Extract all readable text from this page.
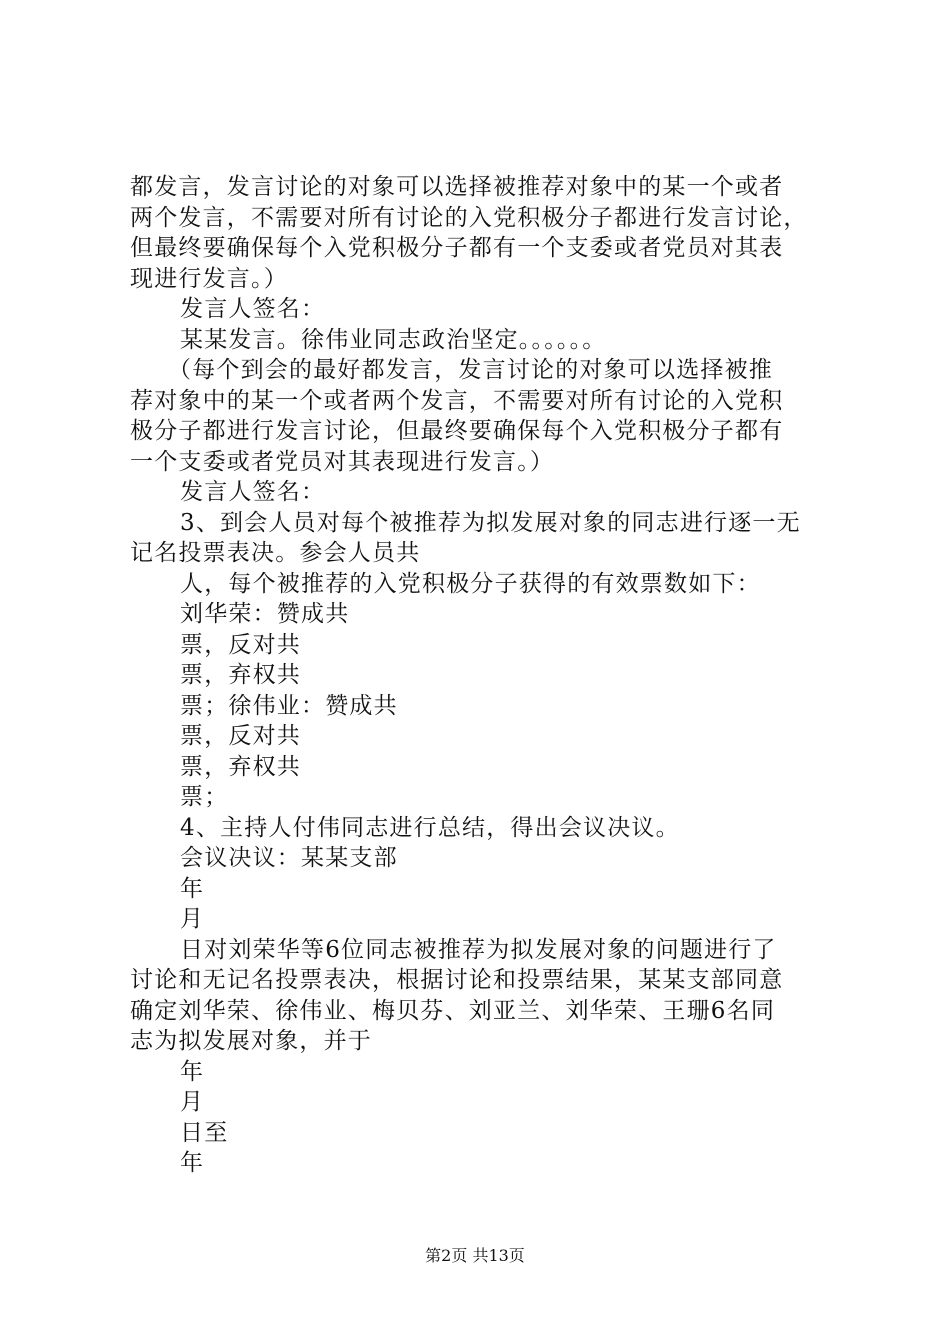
都发言，发言讨论的对象可以选择被推荐对象中的某一个或者
两个发言，不需要对所有讨论的入党积极分子都进行发言讨论，
但最终要确保每个入党积极分子都有一个支委或者党员对其表
现进行发言。）
发言人签名：
某某发言。徐伟业同志政治坚定。。。。。。
（每个到会的最好都发言，发言讨论的对象可以选择被推
荐对象中的某一个或者两个发言，不需要对所有讨论的入党积
极分子都进行发言讨论，但最终要确保每个入党积极分子都有
一个支委或者党员对其表现进行发言。）
发言人签名：
3、到会人员对每个被推荐为拟发展对象的同志进行逐一无
记名投票表决。参会人员共
人，每个被推荐的入党积极分子获得的有效票数如下：
刘华荣：赞成共
票，反对共
票，弃权共
票；徐伟业：赞成共
票，反对共
票，弃权共
票；
4、主持人付伟同志进行总结，得出会议决议。
会议决议：某某支部
年
月
日对刘荣华等6位同志被推荐为拟发展对象的问题进行了
讨论和无记名投票表决，根据讨论和投票结果，某某支部同意
确定刘华荣、徐伟业、梅贝芬、刘亚兰、刘华荣、王珊6名同
志为拟发展对象，并于
年
月
日至
年
第2页 共13页
